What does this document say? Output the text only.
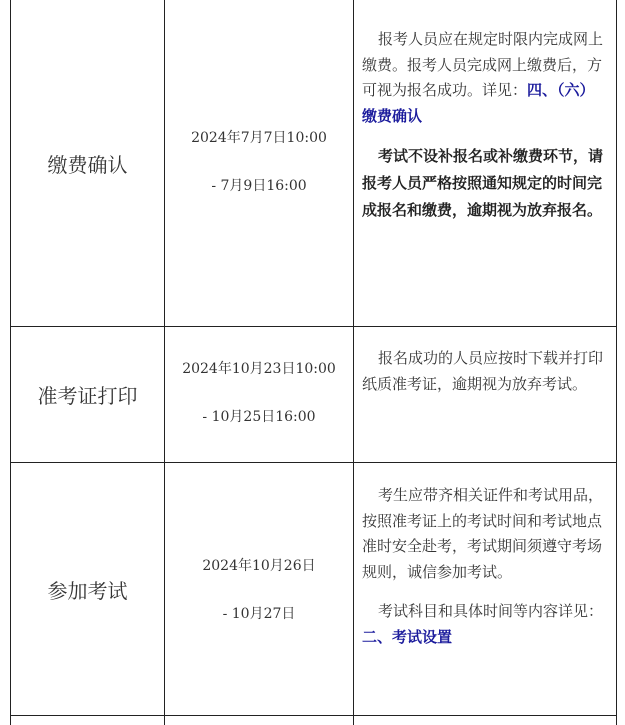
缴费确认
2024年7月7日10:00
- 7月9日16:00

报考人员应在规定时限内完成网上缴费。报考人员完成网上缴费后，方可视为报名成功。详见：四、（六）缴费确认

考试不设补报名或补缴费环节，请报考人员严格按照通知规定的时间完成报名和缴费，逾期视为放弃报名。

准考证打印
2024年10月23日10:00
- 10月25日16:00

报名成功的人员应按时下载并打印纸质准考证，逾期视为放弃考试。

参加考试
2024年10月26日
- 10月27日

考生应带齐相关证件和考试用品，按照准考证上的考试时间和考试地点准时安全赴考，考试期间须遵守考场规则，诚信参加考试。

考试科目和具体时间等内容详见：二、考试设置
